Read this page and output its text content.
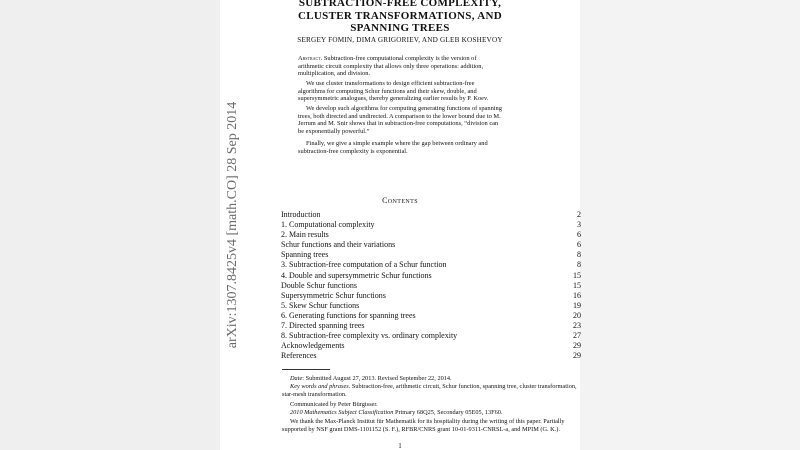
arXiv:1307.8425v4 [math.CO] 28 Sep 2014
SUBTRACTION-FREE COMPLEXITY,
CLUSTER TRANSFORMATIONS, AND SPANNING TREES
SERGEY FOMIN, DIMA GRIGORIEV, AND GLEB KOSHEVOY
Abstract. Subtraction-free computational complexity is the version of arithmetic circuit complexity that allows only three operations: addition, multiplication, and division.
We use cluster transformations to design efficient subtraction-free algorithms for computing Schur functions and their skew, double, and supersymmetric analogues, thereby generalizing earlier results by P. Koev.
We develop such algorithms for computing generating functions of spanning trees, both directed and undirected. A comparison to the lower bound due to M. Jerrum and M. Snir shows that in subtraction-free computations, “division can be exponentially powerful.”
Finally, we give a simple example where the gap between ordinary and subtraction-free complexity is exponential.
Contents
Introduction	2
1. Computational complexity	3
2. Main results	6
Schur functions and their variations	6
Spanning trees	8
3. Subtraction-free computation of a Schur function	8
4. Double and supersymmetric Schur functions	15
Double Schur functions	15
Supersymmetric Schur functions	16
5. Skew Schur functions	19
6. Generating functions for spanning trees	20
7. Directed spanning trees	23
8. Subtraction-free complexity vs. ordinary complexity	27
Acknowledgements	29
References	29
Date: Submitted August 27, 2013. Revised September 22, 2014.
Key words and phrases. Subtraction-free, arithmetic circuit, Schur function, spanning tree, cluster transformation, star-mesh transformation.
Communicated by Peter Bürgisser.
2010 Mathematics Subject Classification Primary 68Q25, Secondary 05E05, 13F60.
We thank the Max-Planck Institut für Mathematik for its hospitality during the writing of this paper. Partially supported by NSF grant DMS-1101152 (S. F.), RFBR/CNRS grant 10-01-9311-CNRSL-a, and MPIM (G. K.).
1
